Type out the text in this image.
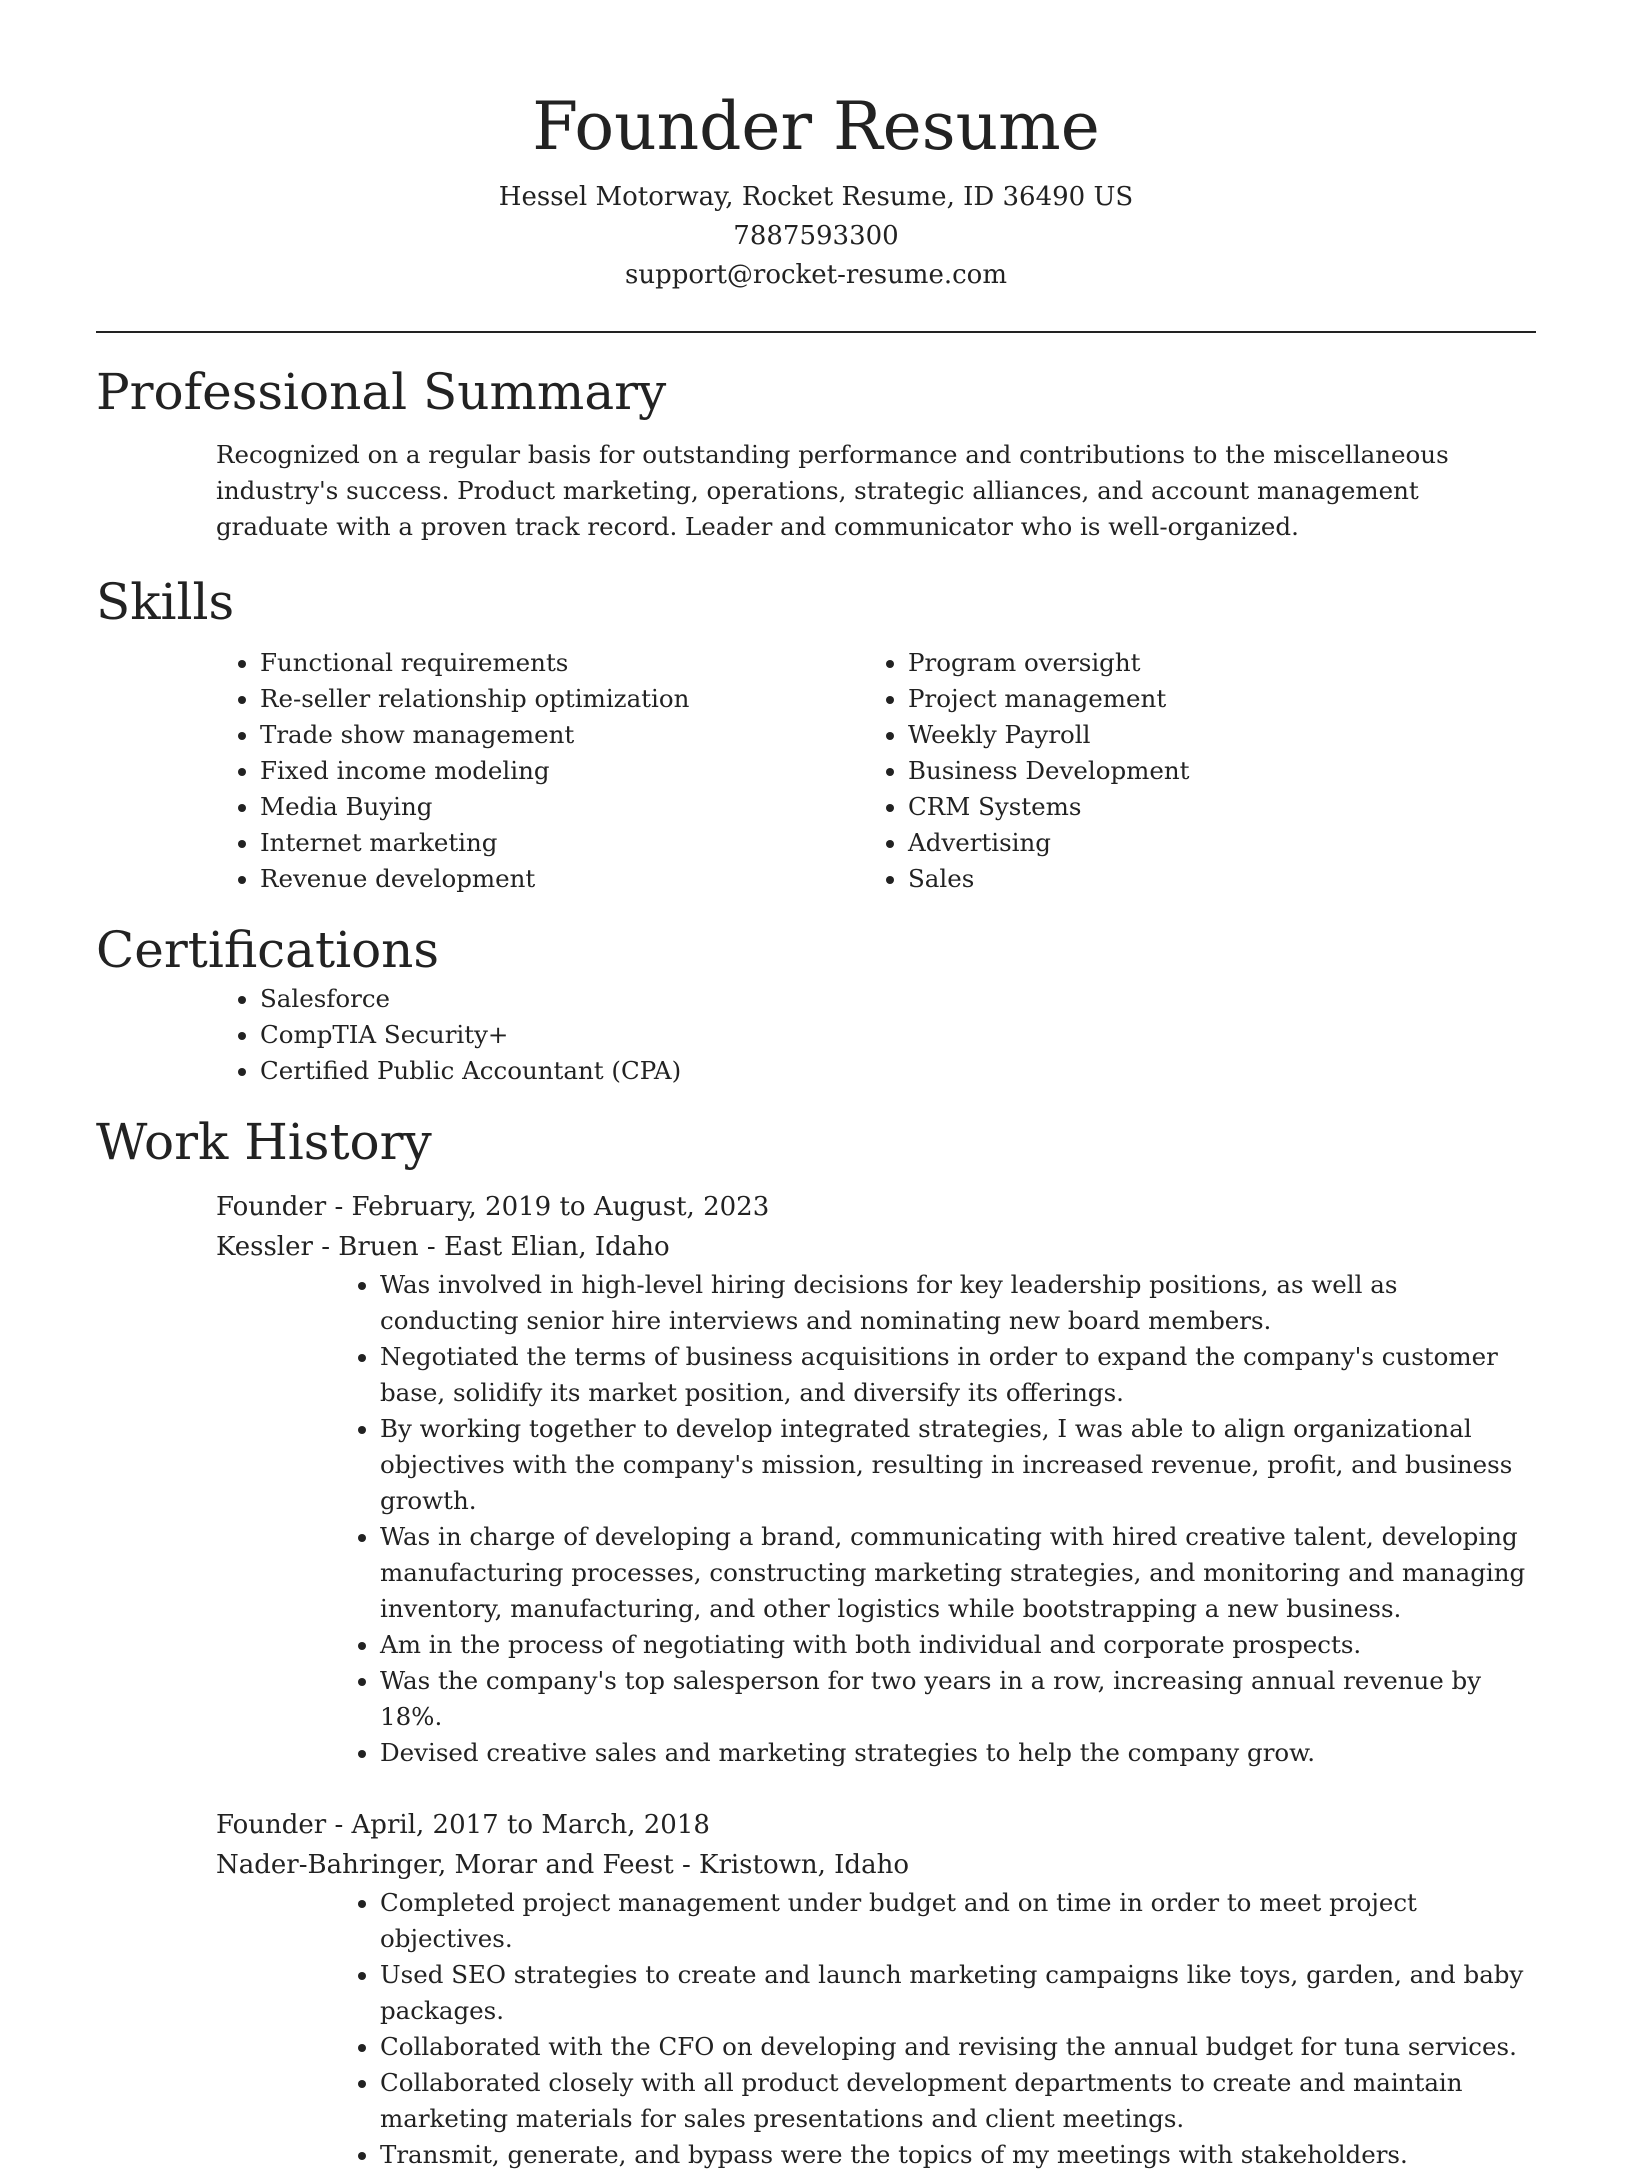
Founder Resume

Hessel Motorway, Rocket Resume, ID 36490 US

7887593300

support@rocket-resume.com

Professional Summary

Recognized on a regular basis for outstanding performance and contributions to the miscellaneous industry's success. Product marketing, operations, strategic alliances, and account management graduate with a proven track record. Leader and communicator who is well-organized.

Skills
• Functional requirements
• Re-seller relationship optimization
• Trade show management
• Fixed income modeling
• Media Buying
• Internet marketing
• Revenue development
• Program oversight
• Project management
• Weekly Payroll
• Business Development
• CRM Systems
• Advertising
• Sales
Certifications
• Salesforce
• CompTIA Security+
• Certified Public Accountant (CPA)
Work History

Founder - February, 2019 to August, 2023

Kessler - Bruen - East Elian, Idaho

• Was involved in high-level hiring decisions for key leadership positions, as well as conducting senior hire interviews and nominating new board members.
• Negotiated the terms of business acquisitions in order to expand the company's customer base, solidify its market position, and diversify its offerings.
• By working together to develop integrated strategies, I was able to align organizational objectives with the company's mission, resulting in increased revenue, profit, and business growth.
• Was in charge of developing a brand, communicating with hired creative talent, developing manufacturing processes, constructing marketing strategies, and monitoring and managing inventory, manufacturing, and other logistics while bootstrapping a new business.
• Am in the process of negotiating with both individual and corporate prospects.
• Was the company's top salesperson for two years in a row, increasing annual revenue by 18%.
• Devised creative sales and marketing strategies to help the company grow.

Founder - April, 2017 to March, 2018

Nader-Bahringer, Morar and Feest - Kristown, Idaho

• Completed project management under budget and on time in order to meet project objectives.
• Used SEO strategies to create and launch marketing campaigns like toys, garden, and baby packages.
• Collaborated with the CFO on developing and revising the annual budget for tuna services.
• Collaborated closely with all product development departments to create and maintain marketing materials for sales presentations and client meetings.
• Transmit, generate, and bypass were the topics of my meetings with stakeholders.
